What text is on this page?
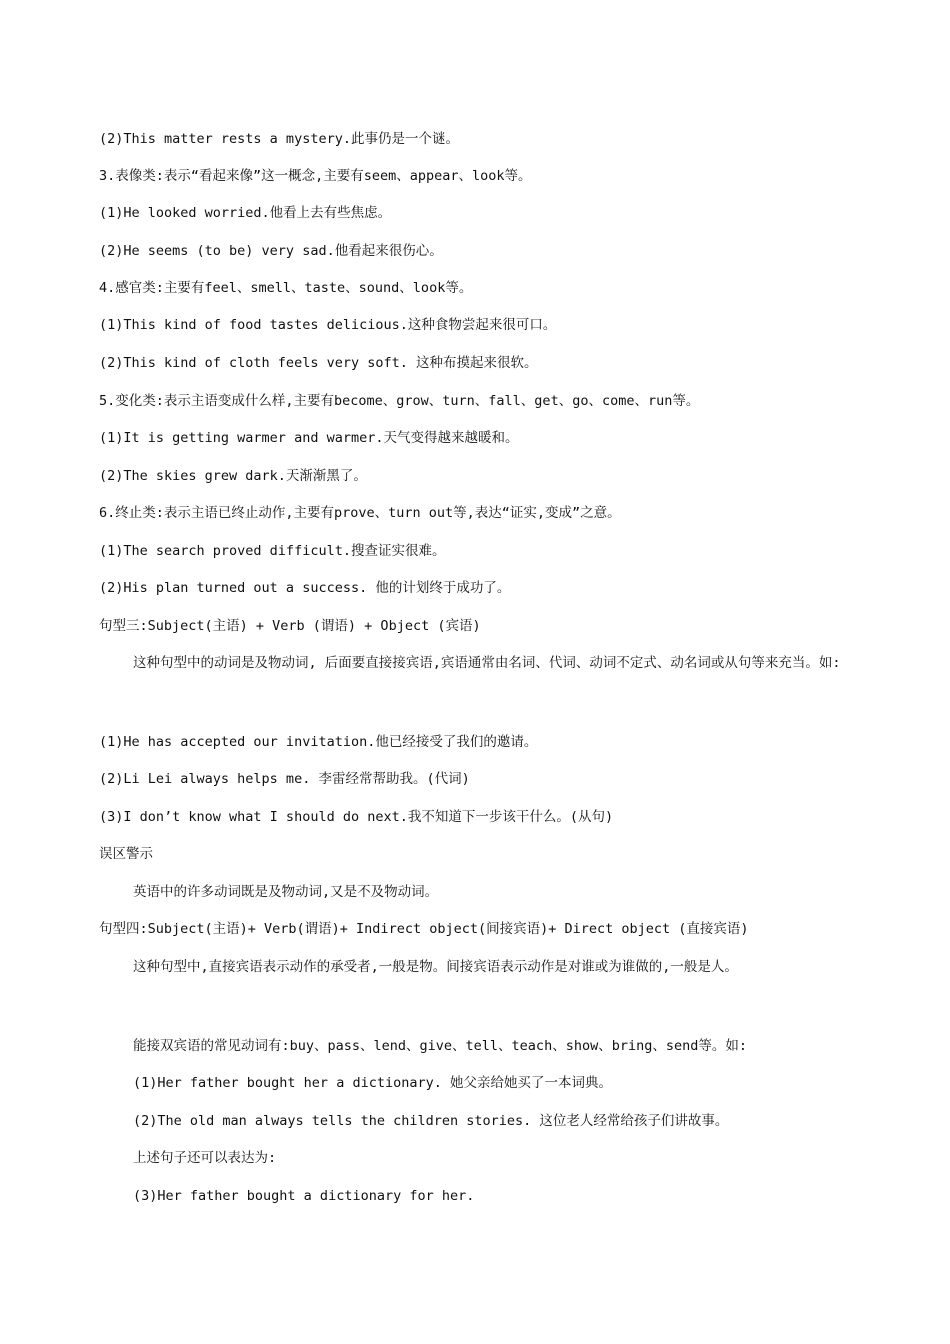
(2)This matter rests a mystery.此事仍是一个谜。
3.表像类:表示“看起来像”这一概念,主要有seem、appear、look等。
(1)He looked worried.他看上去有些焦虑。
(2)He seems (to be) very sad.他看起来很伤心。
4.感官类:主要有feel、smell、taste、sound、look等。
(1)This kind of food tastes delicious.这种食物尝起来很可口。
(2)This kind of cloth feels very soft. 这种布摸起来很软。
5.变化类:表示主语变成什么样,主要有become、grow、turn、fall、get、go、come、run等。
(1)It is getting warmer and warmer.天气变得越来越暖和。
(2)The skies grew dark.天渐渐黑了。
6.终止类:表示主语已终止动作,主要有prove、turn out等,表达“证实,变成”之意。
(1)The search proved difficult.搜查证实很难。
(2)His plan turned out a success. 他的计划终于成功了。
句型三:Subject(主语) + Verb (谓语) + Object (宾语)
这种句型中的动词是及物动词, 后面要直接接宾语,宾语通常由名词、代词、动词不定式、动名词或从句等来充当。如:
(1)He has accepted our invitation.他已经接受了我们的邀请。
(2)Li Lei always helps me. 李雷经常帮助我。(代词)
(3)I don’t know what I should do next.我不知道下一步该干什么。(从句)
误区警示
英语中的许多动词既是及物动词,又是不及物动词。
句型四:Subject(主语)+ Verb(谓语)+ Indirect object(间接宾语)+ Direct object (直接宾语)
这种句型中,直接宾语表示动作的承受者,一般是物。间接宾语表示动作是对谁或为谁做的,一般是人。
能接双宾语的常见动词有:buy、pass、lend、give、tell、teach、show、bring、send等。如:
(1)Her father bought her a dictionary. 她父亲给她买了一本词典。
(2)The old man always tells the children stories. 这位老人经常给孩子们讲故事。
上述句子还可以表达为:
(3)Her father bought a dictionary for her.
